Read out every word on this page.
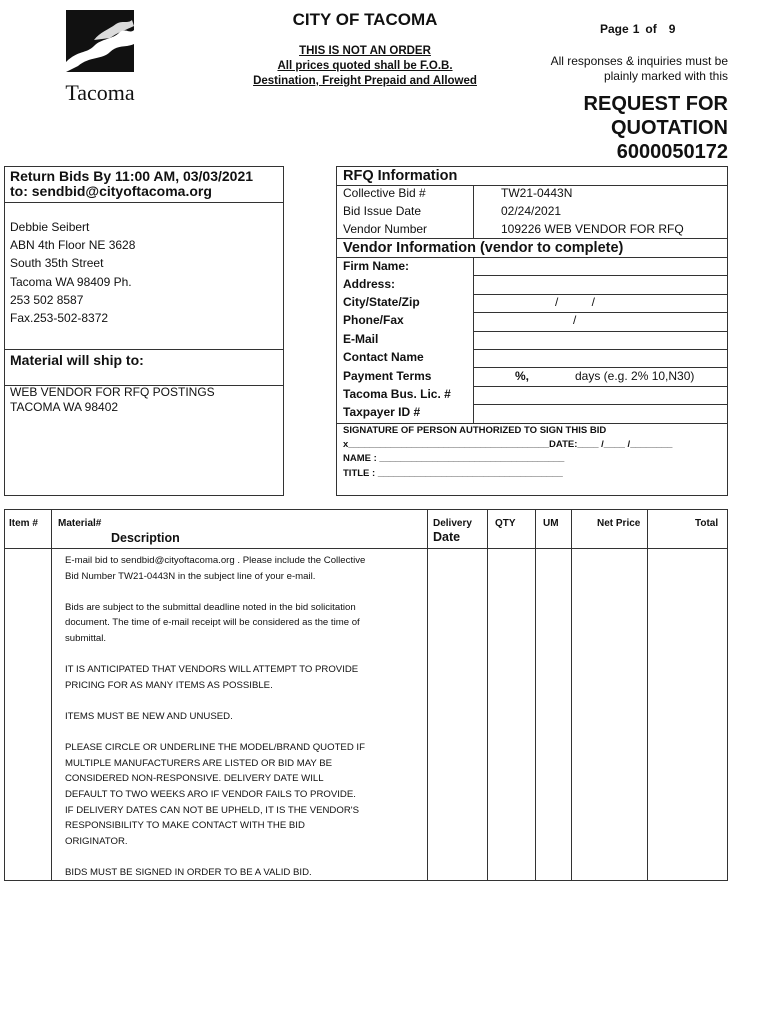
Tacoma
CITY OF TACOMA
THIS IS NOT AN ORDER
All prices quoted shall be F.O.B.
Destination, Freight Prepaid and Allowed
Page 1 of 9
All responses & inquiries must be
plainly marked with this
REQUEST FOR
QUOTATION
6000050172
Return Bids By 11:00 AM, 03/03/2021
to: sendbid@cityoftacoma.org
Debbie Seibert
ABN 4th Floor NE 3628
South 35th Street
Tacoma WA 98409 Ph.
253 502 8587
Fax.253-502-8372
Material will ship to:
WEB VENDOR FOR RFQ POSTINGS
TACOMA WA 98402
RFQ Information
Collective Bid #	TW21-0443N
Bid Issue Date	02/24/2021
Vendor Number	109226 WEB VENDOR FOR RFQ
Vendor Information (vendor to complete)
Firm Name:
Address:
City/State/Zip	/          /
Phone/Fax	/
E-Mail
Contact Name
Payment Terms	%,	days (e.g. 2% 10,N30)
Tacoma Bus. Lic. #
Taxpayer ID #
SIGNATURE OF PERSON AUTHORIZED TO SIGN THIS BID
x______________________________________DATE:____ /____ /________
NAME : ___________________________________
TITLE : ___________________________________
Item # Material#
Description
Delivery
Date
QTY	UM	Net Price	Total

E-mail bid to sendbid@cityoftacoma.org . Please include the Collective
Bid Number TW21-0443N in the subject line of your e-mail.

Bids are subject to the submittal deadline noted in the bid solicitation
document. The time of e-mail receipt will be considered as the time of
submittal.

IT IS ANTICIPATED THAT VENDORS WILL ATTEMPT TO PROVIDE
PRICING FOR AS MANY ITEMS AS POSSIBLE.

ITEMS MUST BE NEW AND UNUSED.

PLEASE CIRCLE OR UNDERLINE THE MODEL/BRAND QUOTED IF
MULTIPLE MANUFACTURERS ARE LISTED OR BID MAY BE
CONSIDERED NON-RESPONSIVE. DELIVERY DATE WILL
DEFAULT TO TWO WEEKS ARO IF VENDOR FAILS TO PROVIDE.
IF DELIVERY DATES CAN NOT BE UPHELD, IT IS THE VENDOR'S
RESPONSIBILITY TO MAKE CONTACT WITH THE BID
ORIGINATOR.

BIDS MUST BE SIGNED IN ORDER TO BE A VALID BID.
